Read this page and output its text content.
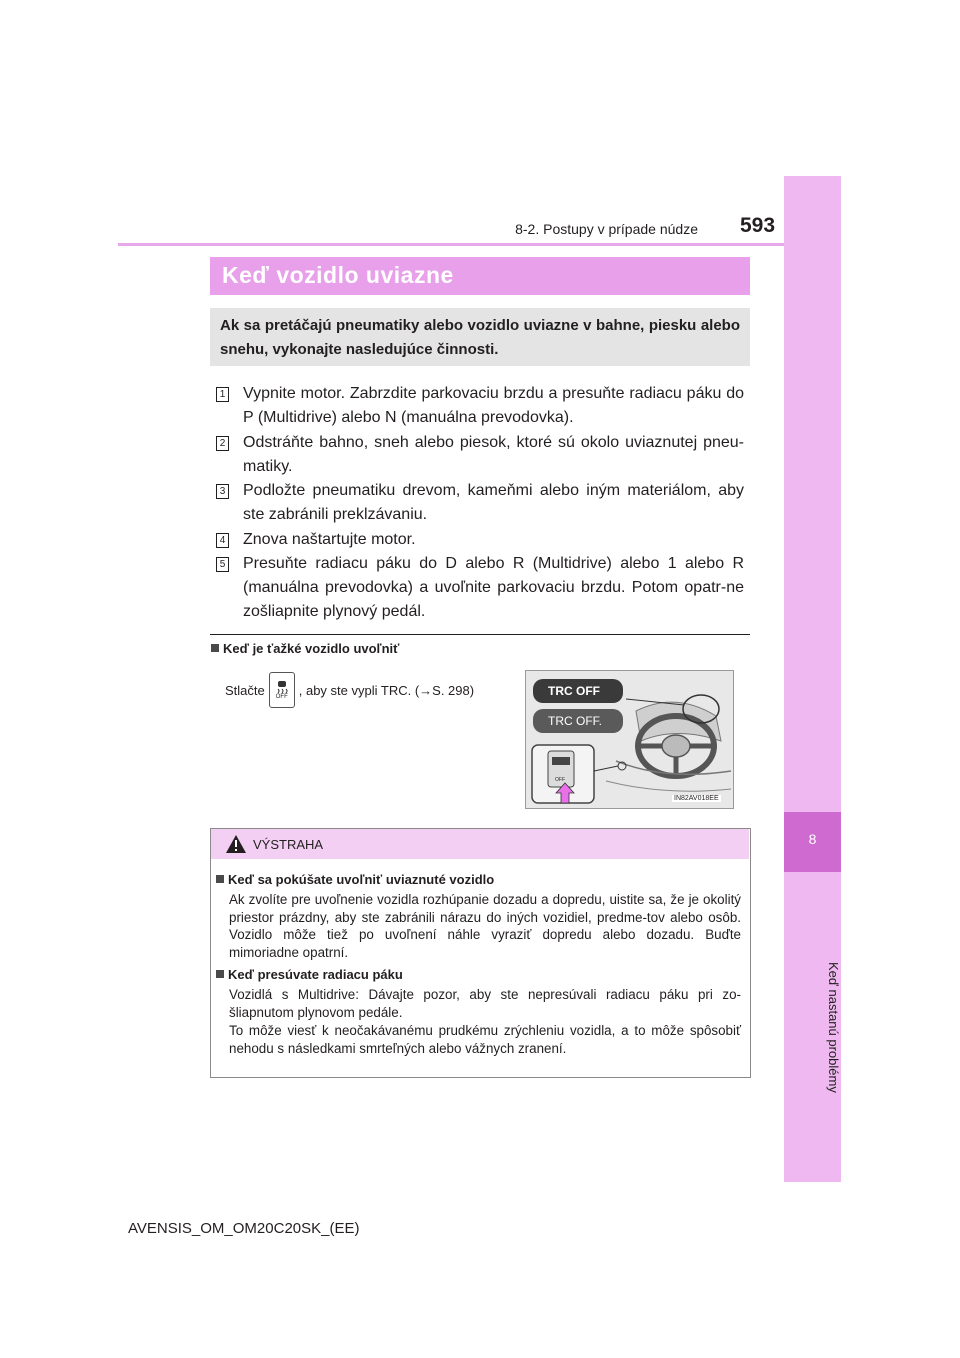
8
Keď nastanú problémy
8-2. Postupy v prípade núdze 593
Keď vozidlo uviazne
Ak sa pretáčajú pneumatiky alebo vozidlo uviazne v bahne, piesku alebo snehu, vykonajte nasledujúce činnosti.
1 Vypnite motor. Zabrzdite parkovaciu brzdu a presuňte radiacu páku do P (Multidrive) alebo N (manuálna prevodovka).
2 Odstráňte bahno, sneh alebo piesok, ktoré sú okolo uviaznutej pneu-matiky.
3 Podložte pneumatiku drevom, kameňmi alebo iným materiálom, aby ste zabránili preklzávaniu.
4 Znova naštartujte motor.
5 Presuňte radiacu páku do D alebo R (Multidrive) alebo 1 alebo R (manuálna prevodovka) a uvoľnite parkovaciu brzdu. Potom opatr-ne zošliapnite plynový pedál.
Keď je ťažké vozidlo uvoľniť
Stlačte OFF , aby ste vypli TRC. (→S. 298)	TRC OFF
TRC OFF.
OFF
IN82AV018EE
VÝSTRAHA
Keď sa pokúšate uvoľniť uviaznuté vozidlo
Ak zvolíte pre uvoľnenie vozidla rozhúpanie dozadu a dopredu, uistite sa, že je okolitý priestor prázdny, aby ste zabránili nárazu do iných vozidiel, predme-tov alebo osôb. Vozidlo môže tiež po uvoľnení náhle vyraziť dopredu alebo dozadu. Buďte mimoriadne opatrní.
Keď presúvate radiacu páku
Vozidlá s Multidrive: Dávajte pozor, aby ste nepresúvali radiacu páku pri zo-šliapnutom plynovom pedále.
To môže viesť k neočakávanému prudkému zrýchleniu vozidla, a to môže spôsobiť nehodu s následkami smrteľných alebo vážnych zranení.
AVENSIS_OM_OM20C20SK_(EE)
